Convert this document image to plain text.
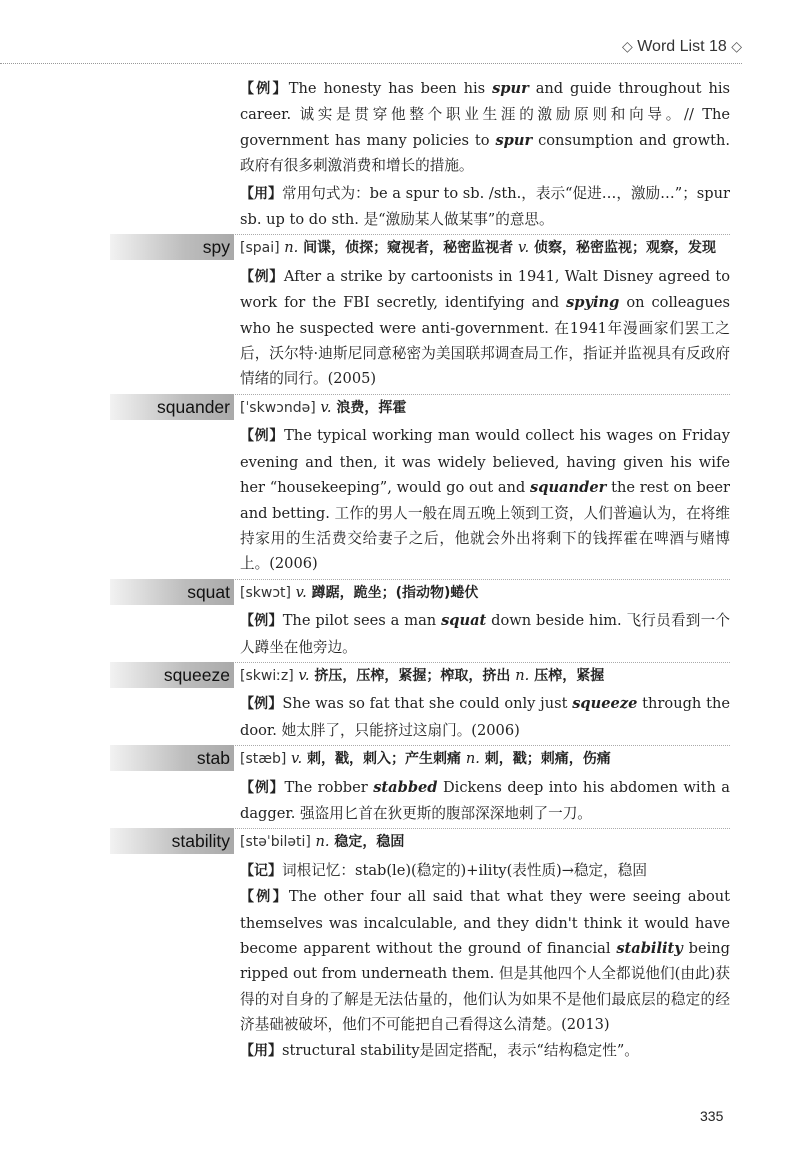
◇ Word List 18 ◇
【例】The honesty has been his spur and guide throughout his career. 诚实是贯穿他整个职业生涯的激励原则和向导。// The government has many policies to spur consumption and growth. 政府有很多刺激消费和增长的措施。
【用】常用句式为：be a spur to sb. /sth.，表示“促进…，激励…”；spur sb. up to do sth. 是“激励某人做某事”的意思。
spy [spai] n. 间谍，侦探；窥视者，秘密监视者 v. 侦察，秘密监视；观察，发现
【例】After a strike by cartoonists in 1941, Walt Disney agreed to work for the FBI secretly, identifying and spying on colleagues who he suspected were anti-government. 在1941年漫画家们罢工之后，沃尔特·迪斯尼同意秘密为美国联邦调查局工作，指证并监视具有反政府情绪的同行。(2005)
squander [ˈskwɔndə] v. 浪费，挥霍
【例】The typical working man would collect his wages on Friday evening and then, it was widely believed, having given his wife her “housekeeping”, would go out and squander the rest on beer and betting. 工作的男人一般在周五晚上领到工资，人们普遍认为，在将维持家用的生活费交给妻子之后，他就会外出将剩下的钱挥霍在啤酒与赌博上。(2006)
squat [skwɔt] v. 蹲踞，跪坐；(指动物)蜷伏
【例】The pilot sees a man squat down beside him. 飞行员看到一个人蹲坐在他旁边。
squeeze [skwiːz] v. 挤压，压榨，紧握；榨取，挤出 n. 压榨，紧握
【例】She was so fat that she could only just squeeze through the door. 她太胖了，只能挤过这扇门。(2006)
stab [stæb] v. 刺，戳，刺入；产生刺痛 n. 刺，戳；刺痛，伤痛
【例】The robber stabbed Dickens deep into his abdomen with a dagger. 强盗用匕首在狄更斯的腹部深深地刺了一刀。
stability [stəˈbiləti] n. 稳定，稳固
【记】词根记忆：stab(le)(稳定的)+ility(表性质)→稳定，稳固
【例】The other four all said that what they were seeing about themselves was incalculable, and they didn't think it would have become apparent without the ground of financial stability being ripped out from underneath them. 但是其他四个人全都说他们(由此)获得的对自身的了解是无法估量的，他们认为如果不是他们最底层的稳定的经济基础被破坏，他们不可能把自己看得这么清楚。(2013)
【用】structural stability是固定搭配，表示“结构稳定性”。
335
